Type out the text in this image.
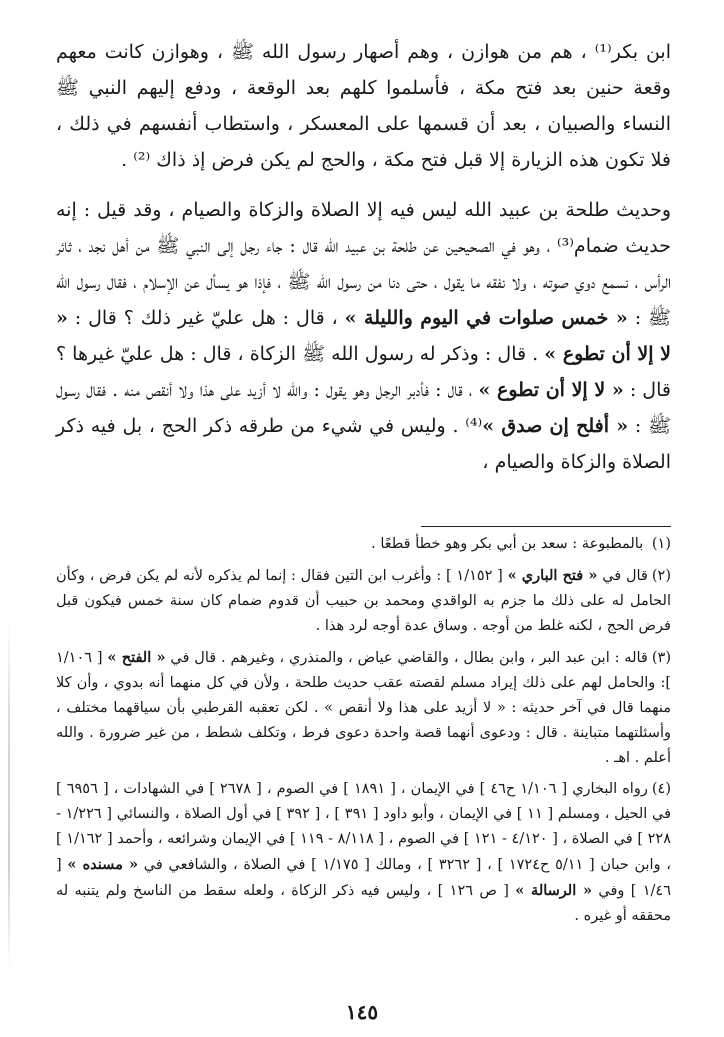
ابن بكر⁽¹⁾ ، هم من هوازن ، وهم أصهار رسول الله ﷺ ، وهوازن كانت معهم وقعة حنين بعد فتح مكة ، فأسلموا كلهم بعد الوقعة ، ودفع إليهم النبي ﷺ النساء والصبيان ، بعد أن قسمها على المعسكر ، واستطاب أنفسهم في ذلك ، فلا تكون هذه الزيارة إلا قبل فتح مكة ، والحج لم يكن فرض إذ ذاك ⁽²⁾ .

وحديث طلحة بن عبيد الله ليس فيه إلا الصلاة والزكاة والصيام ، وقد قيل : إنه حديث ضمام⁽³⁾ ، وهو في الصحيحين عن طلحة بن عبيد الله قال : جاء رجل إلى النبي ﷺ من أهل نجد ، ثائر الرأس ، نسمع دوي صوته ، ولا نفقه ما يقول ، حتى دنا من رسول الله ﷺ ، فإذا هو يسأل عن الإسلام ، فقال رسول الله ﷺ : « خمس صلوات في اليوم والليلة » ، قال : هل عليّ غير ذلك ؟ قال : « لا إلا أن تطوع » . قال : وذكر له رسول الله ﷺ الزكاة ، قال : هل عليّ غيرها ؟ قال : « لا إلا أن تطوع » ، قال : فأدبر الرجل وهو يقول : والله لا أزيد على هذا ولا أنقص منه . فقال رسول ﷺ : « أفلح إن صدق »⁽⁴⁾ . وليس في شيء من طرقه ذكر الحج ، بل فيه ذكر الصلاة والزكاة والصيام ،

(١) بالمطبوعة : سعد بن أبي بكر وهو خطأ قطعًا .
(٢)قال في « فتح الباري » [ ١/١٥٢ ] : وأغرب ابن التين فقال : إنما لم يذكره لأنه لم يكن فرض ، وكأن الحامل له على ذلك ما جزم به الواقدي ومحمد بن حبيب أن قدوم ضمام كان سنة خمس فيكون قبل فرض الحج ، لكنه غلط من أوجه . وساق عدة أوجه لرد هذا .
(٣)قاله : ابن عبد البر ، وابن بطال ، والقاضي عياض ، والمنذري ، وغيرهم . قال في « الفتح » [ ١/١٠٦ ]: والحامل لهم على ذلك إيراد مسلم لقصته عقب حديث طلحة ، ولأن في كل منهما أنه بدوي ، وأن كلا منهما قال في آخر حديثه : « لا أزيد على هذا ولا أنقص » . لكن تعقبه القرطبي بأن سياقهما مختلف ، وأسئلتهما متباينة . قال : ودعوى أنهما قصة واحدة دعوى فرط ، وتكلف شطط ، من غير ضرورة . والله أعلم . اهـ .
(٤)رواه البخاري [ ١/١٠٦ ح٤٦ ] في الإيمان ، [ ١٨٩١ ] في الصوم ، [ ٢٦٧٨ ] في الشهادات ، [ ٦٩٥٦ ] في الحيل ، ومسلم [ ١١ ] في الإيمان ، وأبو داود [ ٣٩١ ] ، [ ٣٩٢ ] في أول الصلاة ، والنسائي [ ١/٢٢٦ - ٢٢٨ ] في الصلاة ، [ ٤/١٢٠ - ١٢١ ] في الصوم ، [ ٨/١١٨ - ١١٩ ] في الإيمان وشرائعه ، وأحمد [ ١/١٦٢ ] ، وابن حبان [ ٥/١١ ح١٧٢٤ ] ، [ ٣٢٦٢ ] ، ومالك [ ١/١٧٥ ] في الصلاة ، والشافعي في « مسنده » [ ١/٤٦ ] وفي « الرسالة » [ ص ١٢٦ ] ، وليس فيه ذكر الزكاة ، ولعله سقط من الناسخ ولم يتنبه له محققه أو غيره .
١٤٥
